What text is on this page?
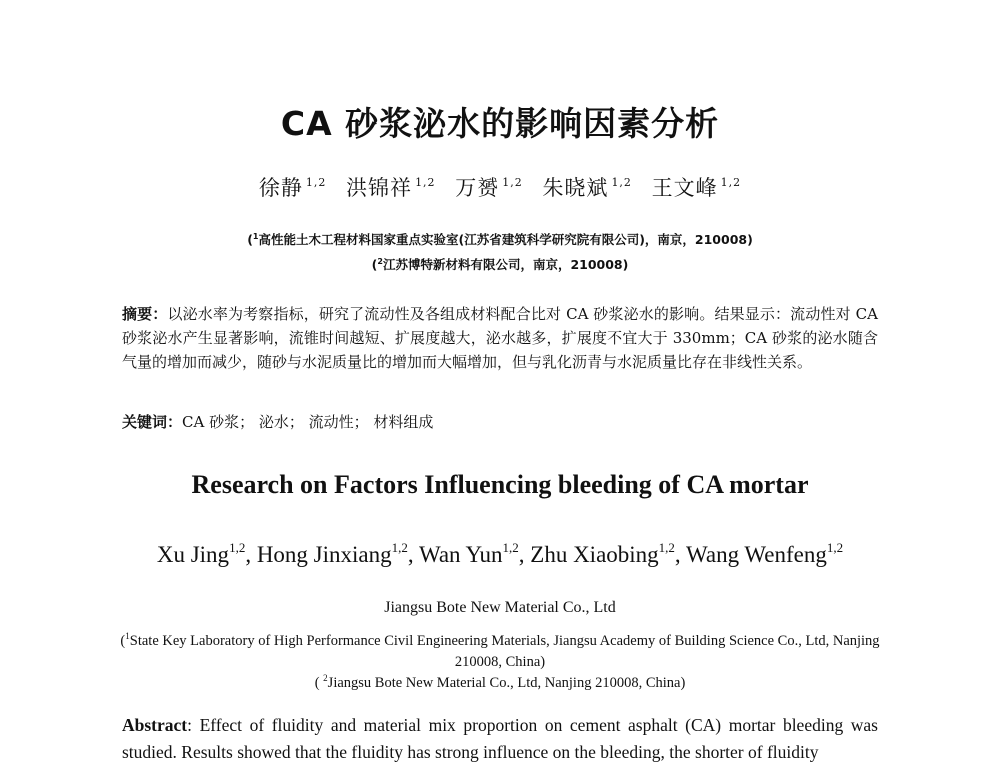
CA 砂浆泌水的影响因素分析
徐静 $^{1,2}$ 洪锦祥 $^{1,2}$ 万赟 $^{1,2}$ 朱晓斌 $^{1,2}$ 王文峰 $^{1,2}$
($^1$高性能土木工程材料国家重点实验室(江苏省建筑科学研究院有限公司)，南京，210008)
($^2$江苏博特新材料有限公司，南京，210008)
摘要：以泌水率为考察指标，研究了流动性及各组成材料配合比对 CA 砂浆泌水的影响。结果显示：流动性对 CA 砂浆泌水产生显著影响，流锥时间越短、扩展度越大，泌水越多，扩展度不宜大于 330mm；CA 砂浆的泌水随含气量的增加而减少，随砂与水泥质量比的增加而大幅增加，但与乳化沥青与水泥质量比存在非线性关系。
关键词：CA 砂浆； 泌水； 流动性； 材料组成
Research on Factors Influencing bleeding of CA mortar
Xu Jing$^{1,2}$, Hong Jinxiang$^{1,2}$, Wan Yun$^{1,2}$, Zhu Xiaobing$^{1,2}$, Wang Wenfeng$^{1,2}$
Jiangsu Bote New Material Co., Ltd
($^1$State Key Laboratory of High Performance Civil Engineering Materials, Jiangsu Academy of Building Science Co., Ltd, Nanjing 210008, China)
( $^2$Jiangsu Bote New Material Co., Ltd, Nanjing 210008, China)
Abstract: Effect of fluidity and material mix proportion on cement asphalt (CA) mortar bleeding was studied. Results showed that the fluidity has strong influence on the bleeding, the shorter of fluidity
